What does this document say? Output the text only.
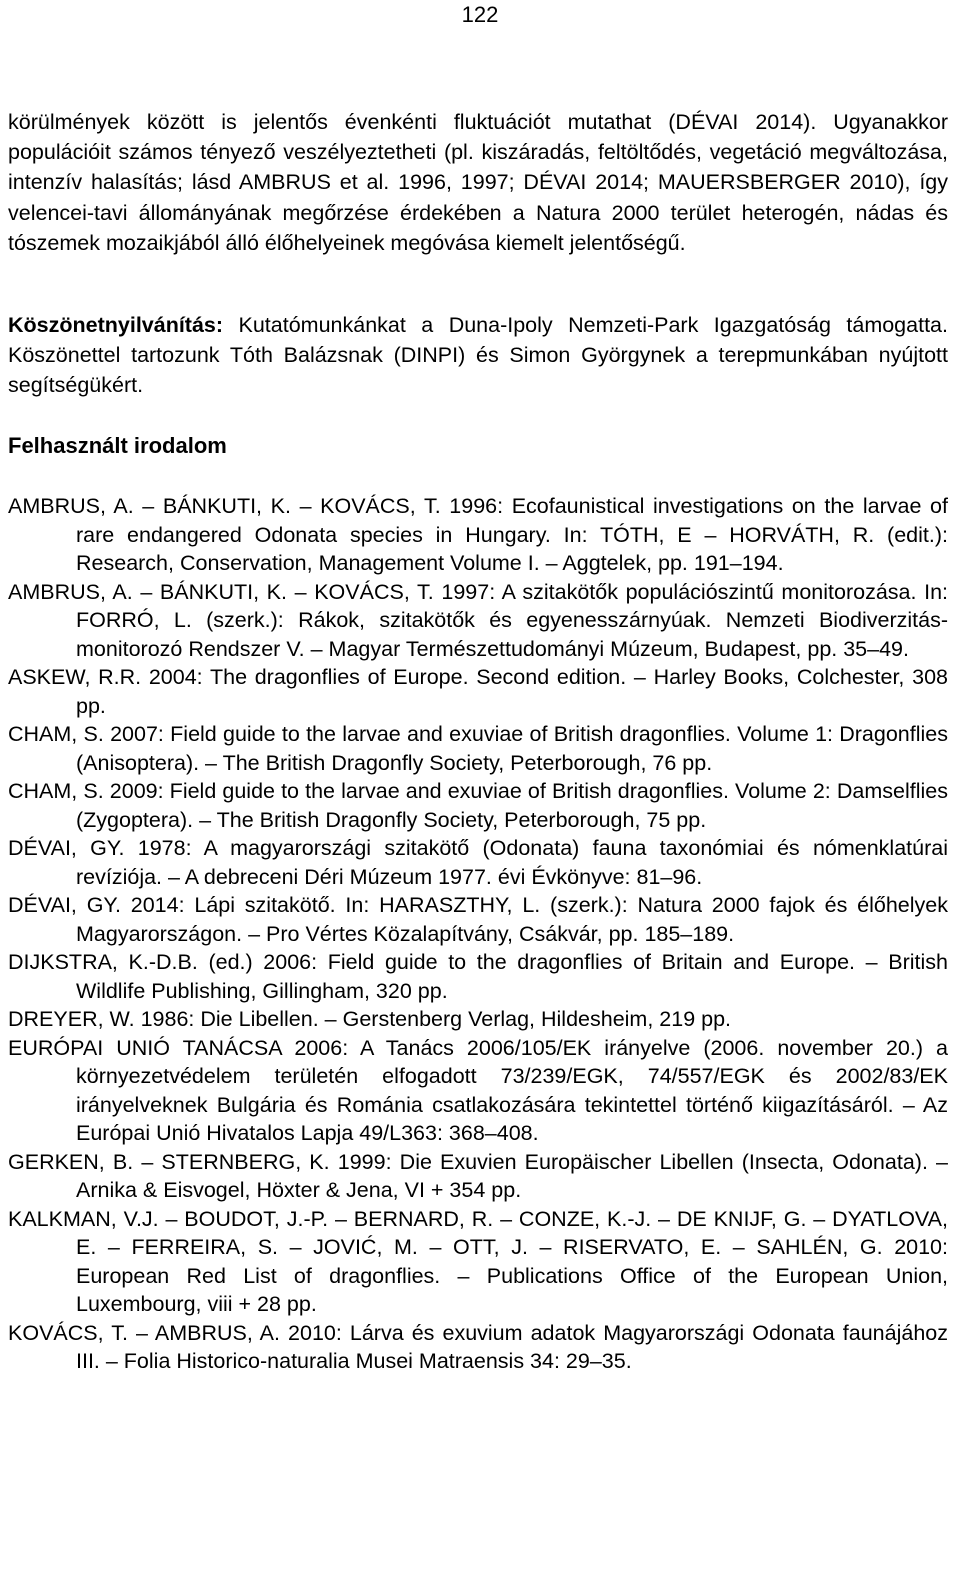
122

körülmények között is jelentős évenkénti fluktuációt mutathat (DÉVAI 2014). Ugyanakkor populációit számos tényező veszélyeztetheti (pl. kiszáradás, feltöltődés, vegetáció megváltozása, intenzív halasítás; lásd AMBRUS et al. 1996, 1997; DÉVAI 2014; MAUERSBERGER 2010), így velencei-tavi állományának megőrzése érdekében a Natura 2000 terület heterogén, nádas és tószemek mozaikjából álló élőhelyeinek megóvása kiemelt jelentőségű.

Köszönetnyilvánítás: Kutatómunkánkat a Duna-Ipoly Nemzeti-Park Igazgatóság támogatta. Köszönettel tartozunk Tóth Balázsnak (DINPI) és Simon Györgynek a terepmunkában nyújtott segítségükért.

Felhasznált irodalom
AMBRUS, A. – BÁNKUTI, K. – KOVÁCS, T. 1996: Ecofaunistical investigations on the larvae of rare endangered Odonata species in Hungary. In: TÓTH, E – HORVÁTH, R. (edit.): Research, Conservation, Management Volume I. – Aggtelek, pp. 191–194.
AMBRUS, A. – BÁNKUTI, K. – KOVÁCS, T. 1997: A szitakötők populációszintű monitorozása. In: FORRÓ, L. (szerk.): Rákok, szitakötők és egyenesszárnyúak. Nemzeti Biodiverzitás-monitorozó Rendszer V. – Magyar Természettudományi Múzeum, Budapest, pp. 35–49.
ASKEW, R.R. 2004: The dragonflies of Europe. Second edition. – Harley Books, Colchester, 308 pp.
CHAM, S. 2007: Field guide to the larvae and exuviae of British dragonflies. Volume 1: Dragonflies (Anisoptera). – The British Dragonfly Society, Peterborough, 76 pp.
CHAM, S. 2009: Field guide to the larvae and exuviae of British dragonflies. Volume 2: Damselflies (Zygoptera). – The British Dragonfly Society, Peterborough, 75 pp.
DÉVAI, GY. 1978: A magyarországi szitakötő (Odonata) fauna taxonómiai és nómenklatúrai revíziója. – A debreceni Déri Múzeum 1977. évi Évkönyve: 81–96.
DÉVAI, GY. 2014: Lápi szitakötő. In: HARASZTHY, L. (szerk.): Natura 2000 fajok és élőhelyek Magyarországon. – Pro Vértes Közalapítvány, Csákvár, pp. 185–189.
DIJKSTRA, K.-D.B. (ed.) 2006: Field guide to the dragonflies of Britain and Europe. – British Wildlife Publishing, Gillingham, 320 pp.
DREYER, W. 1986: Die Libellen. – Gerstenberg Verlag, Hildesheim, 219 pp.
EURÓPAI UNIÓ TANÁCSA 2006: A Tanács 2006/105/EK irányelve (2006. november 20.) a környezetvédelem területén elfogadott 73/239/EGK, 74/557/EGK és 2002/83/EK irányelveknek Bulgária és Románia csatlakozására tekintettel történő kiigazításáról. – Az Európai Unió Hivatalos Lapja 49/L363: 368–408.
GERKEN, B. – STERNBERG, K. 1999: Die Exuvien Europäischer Libellen (Insecta, Odonata). – Arnika & Eisvogel, Höxter & Jena, VI + 354 pp.
KALKMAN, V.J. – BOUDOT, J.-P. – BERNARD, R. – CONZE, K.-J. – DE KNIJF, G. – DYATLOVA, E. – FERREIRA, S. – JOVIĆ, M. – OTT, J. – RISERVATO, E. – SAHLÉN, G. 2010: European Red List of dragonflies. – Publications Office of the European Union, Luxembourg, viii + 28 pp.
KOVÁCS, T. – AMBRUS, A. 2010: Lárva és exuvium adatok Magyarországi Odonata faunájához III. – Folia Historico-naturalia Musei Matraensis 34: 29–35.
